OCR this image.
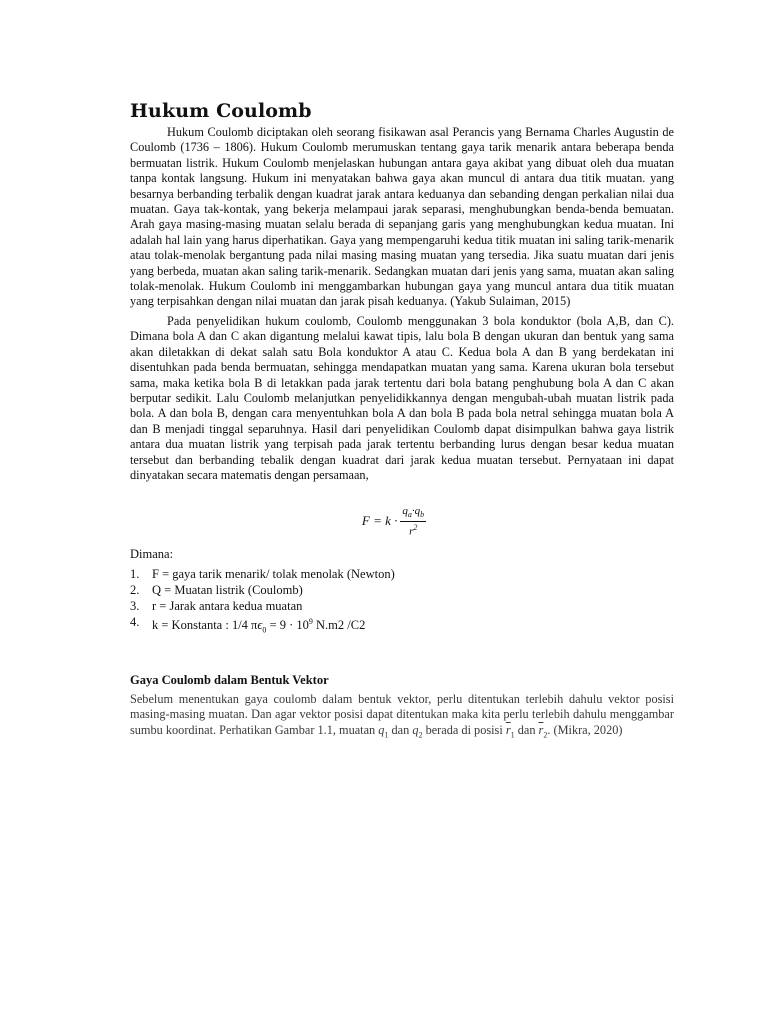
Hukum Coulomb

Hukum Coulomb diciptakan oleh seorang fisikawan asal Perancis yang Bernama Charles Augustin de Coulomb (1736 – 1806). Hukum Coulomb merumuskan tentang gaya tarik menarik antara beberapa benda bermuatan listrik. Hukum Coulomb menjelaskan hubungan antara gaya akibat yang dibuat oleh dua muatan tanpa kontak langsung. Hukum ini menyatakan bahwa gaya akan muncul di antara dua titik muatan. yang besarnya berbanding terbalik dengan kuadrat jarak antara keduanya dan sebanding dengan perkalian nilai dua muatan. Gaya tak-kontak, yang bekerja melampaui jarak separasi, menghubungkan benda-benda bemuatan. Arah gaya masing-masing muatan selalu berada di sepanjang garis yang menghubungkan kedua muatan. Ini adalah hal lain yang harus diperhatikan. Gaya yang mempengaruhi kedua titik muatan ini saling tarik-menarik atau tolak-menolak bergantung pada nilai masing masing muatan yang tersedia. Jika suatu muatan dari jenis yang berbeda, muatan akan saling tarik-menarik. Sedangkan muatan dari jenis yang sama, muatan akan saling tolak-menolak. Hukum Coulomb ini menggambarkan hubungan gaya yang muncul antara dua titik muatan yang terpisahkan dengan nilai muatan dan jarak pisah keduanya. (Yakub Sulaiman, 2015)

Pada penyelidikan hukum coulomb, Coulomb menggunakan 3 bola konduktor (bola A,B, dan C). Dimana bola A dan C akan digantung melalui kawat tipis, lalu bola B dengan ukuran dan bentuk yang sama akan diletakkan di dekat salah satu Bola konduktor A atau C. Kedua bola A dan B yang berdekatan ini disentuhkan pada benda bermuatan, sehingga mendapatkan muatan yang sama. Karena ukuran bola tersebut sama, maka ketika bola B di letakkan pada jarak tertentu dari bola batang penghubung bola A dan C akan berputar sedikit. Lalu Coulomb melanjutkan penyelidikkannya dengan mengubah-ubah muatan listrik pada bola. A dan bola B, dengan cara menyentuhkan bola A dan bola B pada bola netral sehingga muatan bola A dan B menjadi tinggal separuhnya. Hasil dari penyelidikan Coulomb dapat disimpulkan bahwa gaya listrik antara dua muatan listrik yang terpisah pada jarak tertentu berbanding lurus dengan besar kedua muatan tersebut dan berbanding tebalik dengan kuadrat dari jarak kedua muatan tersebut. Pernyataan ini dapat dinyatakan secara matematis dengan persamaan,

$F = k \cdot \frac{q_a\cdot q_b}{r^2}$
Dimana:
1.	F = gaya tarik menarik/ tolak menolak (Newton)
2.	Q = Muatan listrik (Coulomb)
3.	r = Jarak antara kedua muatan
4.	k = Konstanta : 1/4 $\pi\epsilon_0 = 9 \cdot 10^9$ N.m2 /C2
Gaya Coulomb dalam Bentuk Vektor

Sebelum menentukan gaya coulomb dalam bentuk vektor, perlu ditentukan terlebih dahulu vektor posisi masing-masing muatan. Dan agar vektor posisi dapat ditentukan maka kita perlu terlebih dahulu menggambar sumbu koordinat. Perhatikan Gambar 1.1, muatan $q_1$ dan $q_2$ berada di posisi $\overline{r}_1$ dan $\overline{r}_2$. (Mikra, 2020)
